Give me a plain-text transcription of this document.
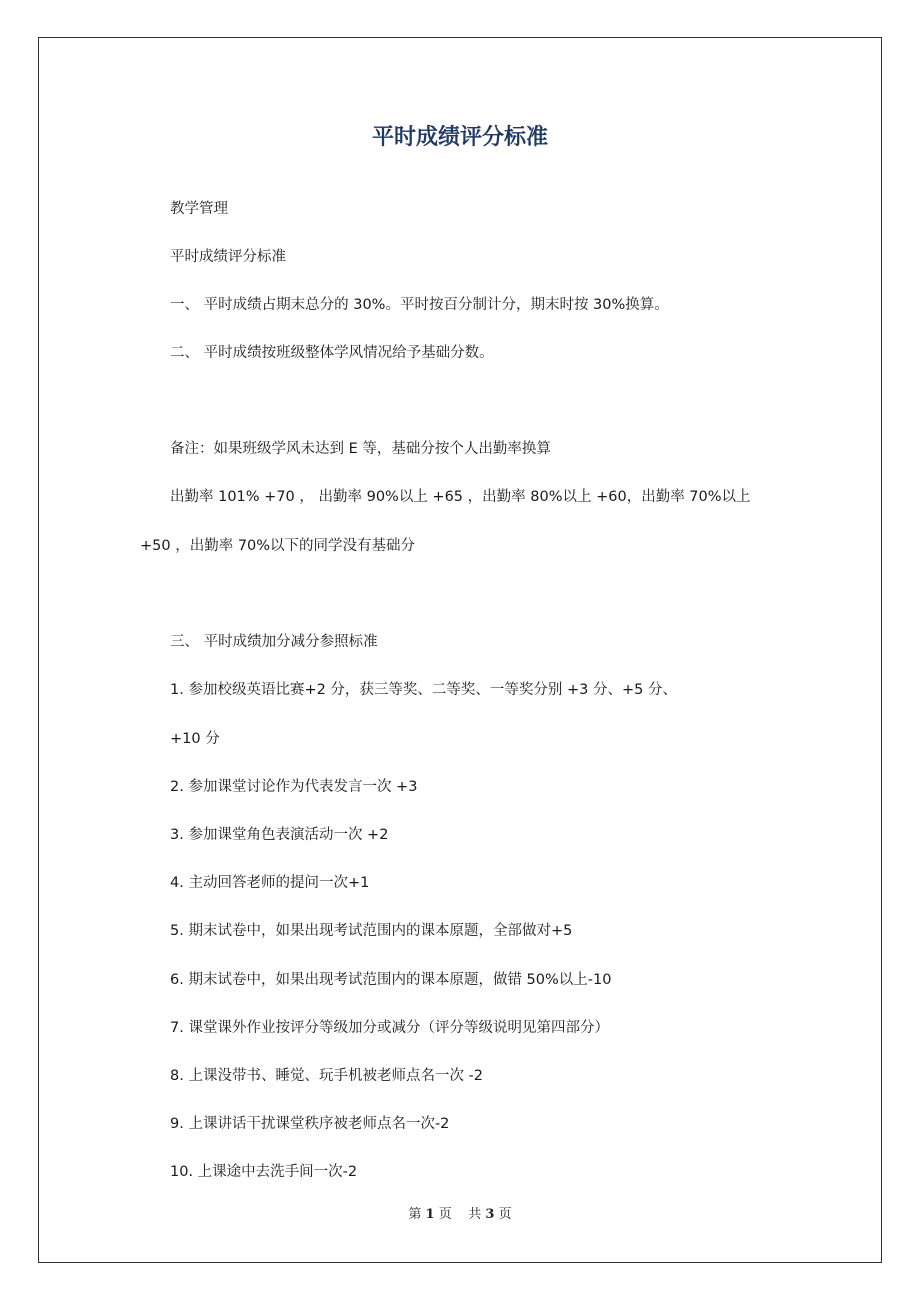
平时成绩评分标准

教学管理

平时成绩评分标准

一、 平时成绩占期末总分的 30%。平时按百分制计分，期末时按 30%换算。

二、 平时成绩按班级整体学风情况给予基础分数。

备注：如果班级学风未达到 E 等，基础分按个人出勤率换算

出勤率 101% +70 ， 出勤率 90%以上 +65 ，出勤率 80%以上 +60，出勤率 70%以上

+50 ，出勤率 70%以下的同学没有基础分

三、 平时成绩加分减分参照标准

1. 参加校级英语比赛+2 分，获三等奖、二等奖、一等奖分别 +3 分、+5 分、

+10 分

2. 参加课堂讨论作为代表发言一次 +3

3. 参加课堂角色表演活动一次 +2

4. 主动回答老师的提问一次+1

5. 期末试卷中，如果出现考试范围内的课本原题，全部做对+5

6. 期末试卷中，如果出现考试范围内的课本原题，做错 50%以上-10

7. 课堂课外作业按评分等级加分或减分（评分等级说明见第四部分）

8. 上课没带书、睡觉、玩手机被老师点名一次 -2

9. 上课讲话干扰课堂秩序被老师点名一次-2

10. 上课途中去洗手间一次-2

第 1 页 共 3 页
